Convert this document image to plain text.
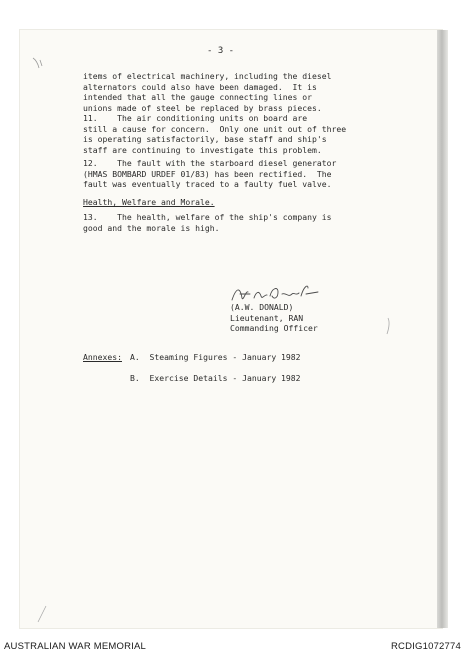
- 3 -
items of electrical machinery, including the diesel
alternators could also have been damaged.  It is
intended that all the gauge connecting lines or
unions made of steel be replaced by brass pieces.
11.    The air conditioning units on board are
still a cause for concern.  Only one unit out of three
is operating satisfactorily, base staff and ship's
staff are continuing to investigate this problem.
12.    The fault with the starboard diesel generator
(HMAS BOMBARD URDEF 01/83) has been rectified.  The
fault was eventually traced to a faulty fuel valve.
Health, Welfare and Morale.
13.    The health, welfare of the ship's company is
good and the morale is high.
(A.W. DONALD)
Lieutenant, RAN
Commanding Officer
Annexes: A.  Steaming Figures - January 1982

B.  Exercise Details - January 1982
AUSTRALIAN WAR MEMORIAL	RCDIG1072774
